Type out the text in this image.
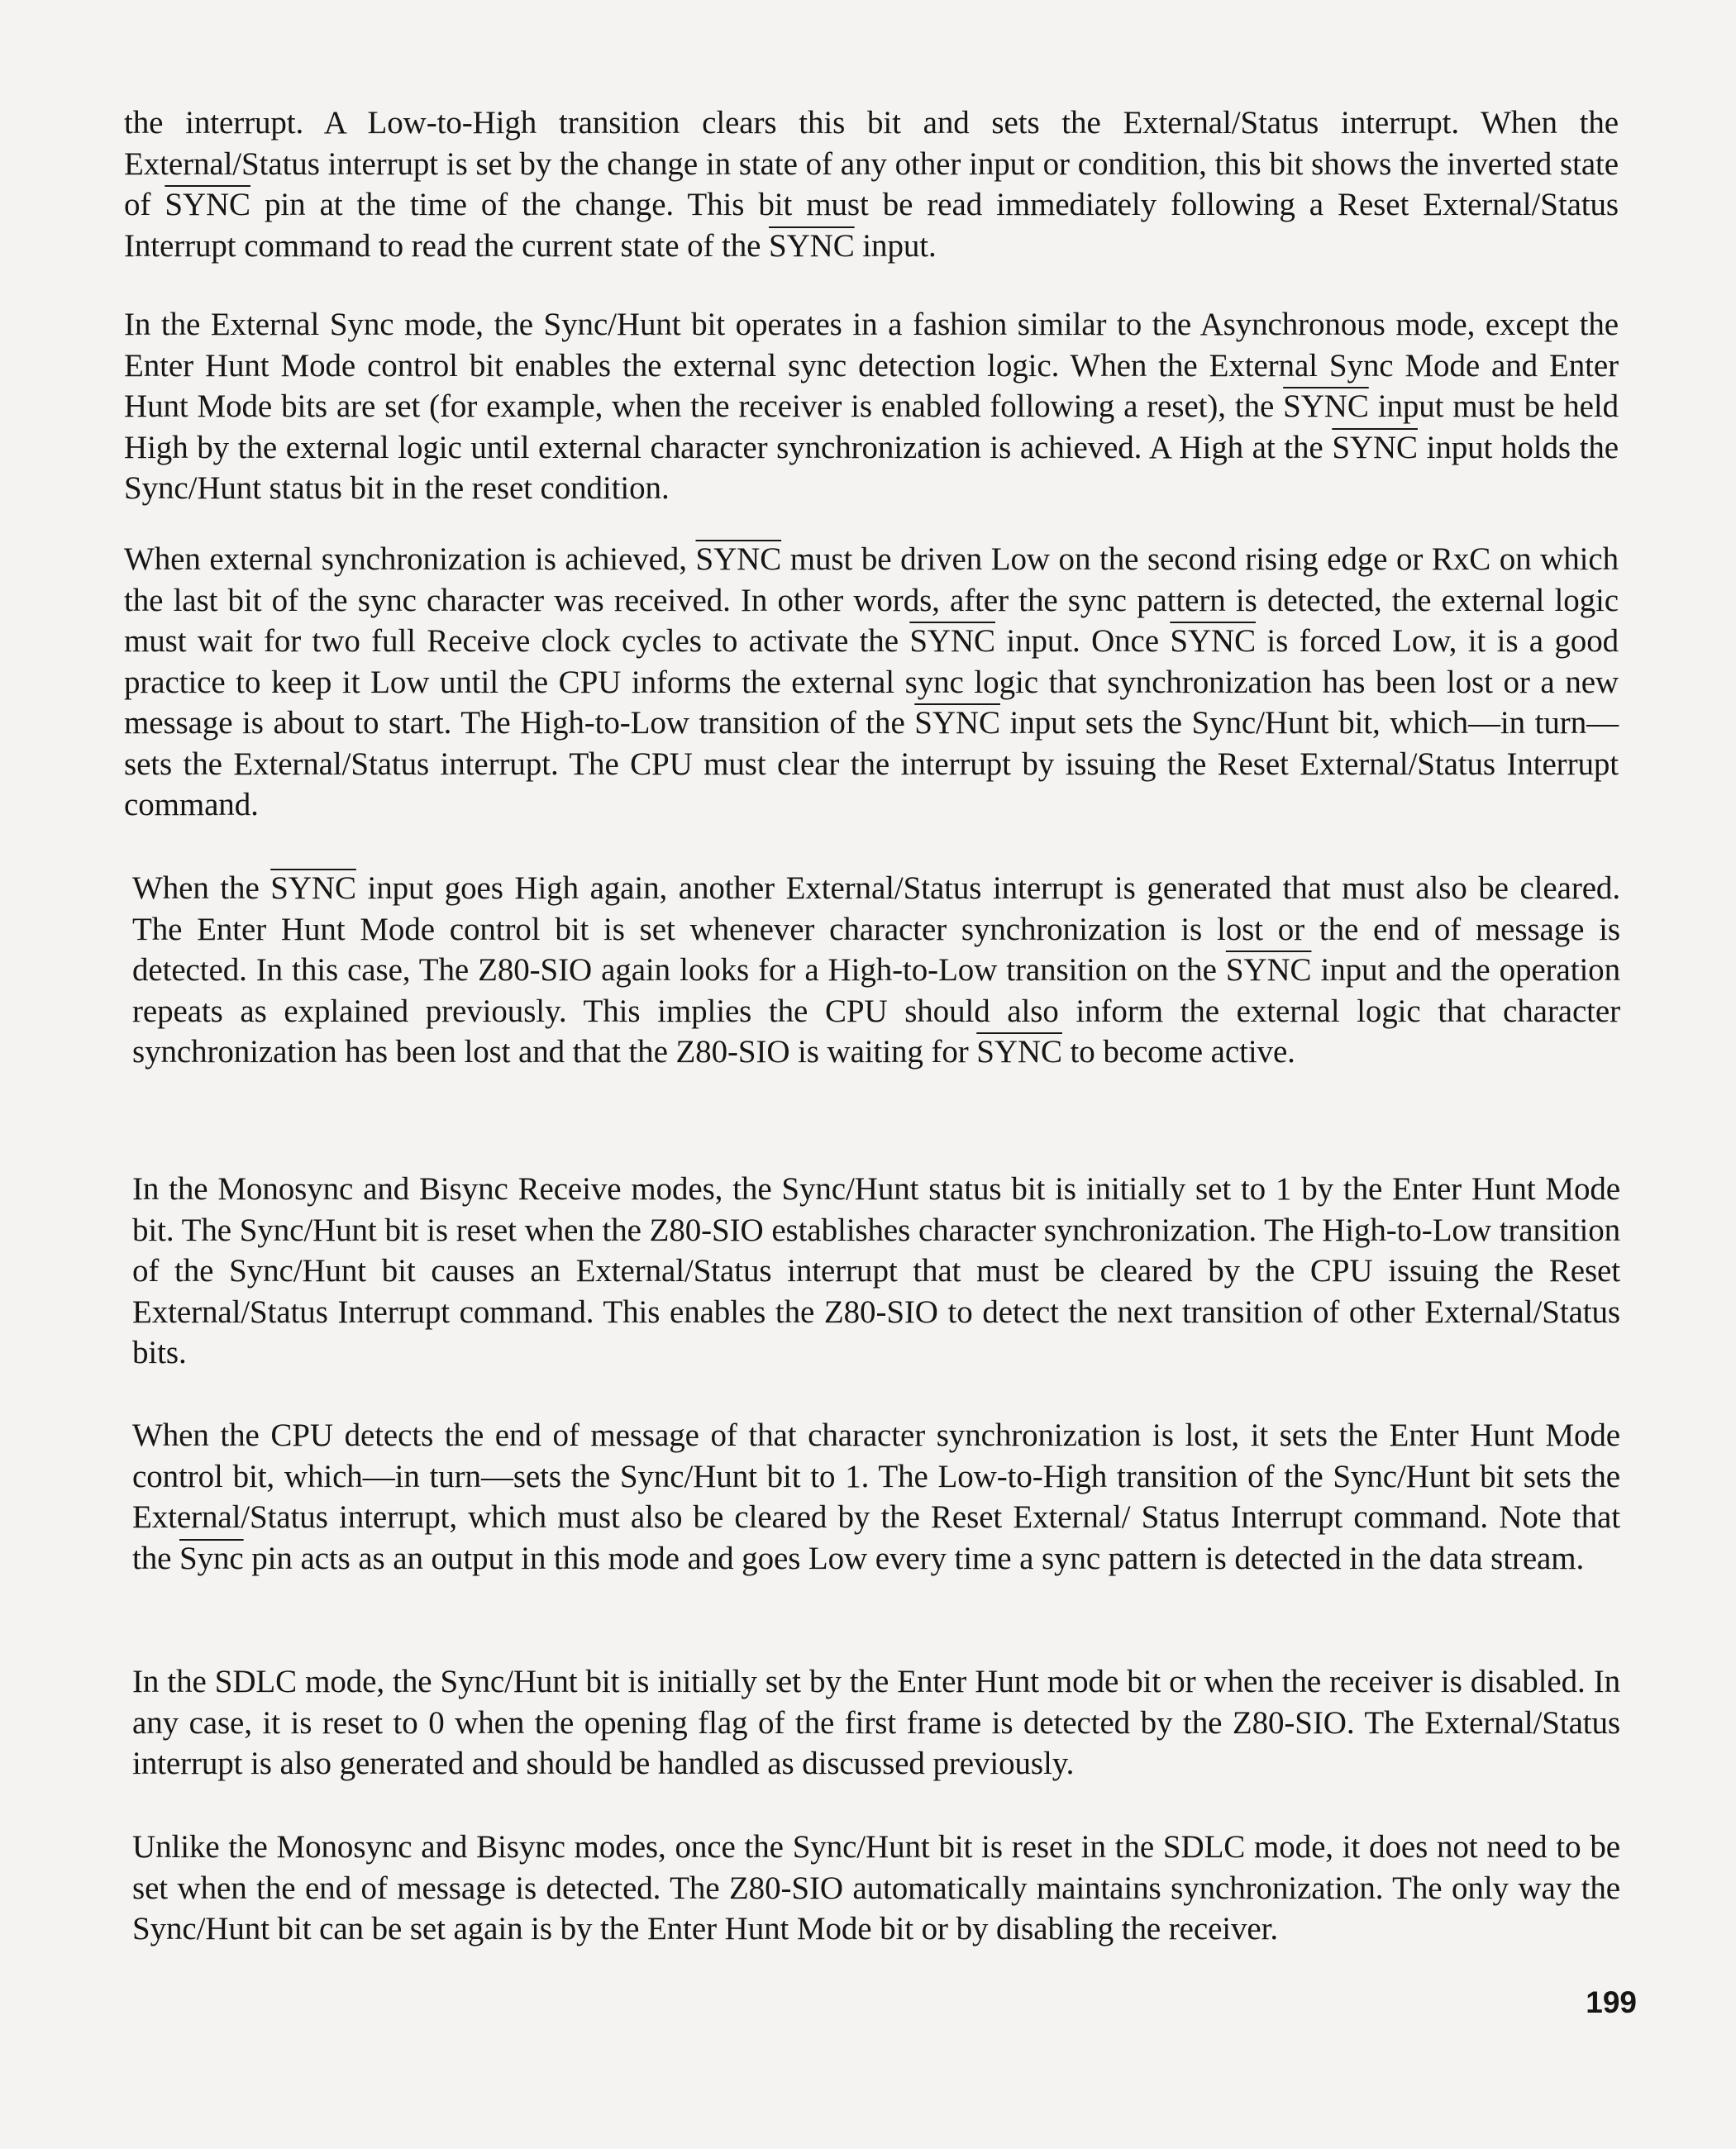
the interrupt. A Low-to-High transition clears this bit and sets the External/Status interrupt. When the External/Status interrupt is set by the change in state of any other input or condition, this bit shows the inverted state of SYNC pin at the time of the change. This bit must be read immediately following a Reset External/Status Interrupt command to read the current state of the SYNC input.

In the External Sync mode, the Sync/Hunt bit operates in a fashion similar to the Asynchronous mode, except the Enter Hunt Mode control bit enables the external sync detection logic. When the External Sync Mode and Enter Hunt Mode bits are set (for example, when the receiver is enabled following a reset), the SYNC input must be held High by the external logic until external character synchronization is achieved. A High at the SYNC input holds the Sync/Hunt status bit in the reset condition.

When external synchronization is achieved, SYNC must be driven Low on the second rising edge or RxC on which the last bit of the sync character was received. In other words, after the sync pattern is detected, the external logic must wait for two full Receive clock cycles to activate the SYNC input. Once SYNC is forced Low, it is a good practice to keep it Low until the CPU informs the external sync logic that synchronization has been lost or a new message is about to start. The High-to-Low transition of the SYNC input sets the Sync/Hunt bit, which—in turn—sets the External/Status interrupt. The CPU must clear the interrupt by issuing the Reset External/Status Interrupt command.

When the SYNC input goes High again, another External/Status interrupt is generated that must also be cleared. The Enter Hunt Mode control bit is set whenever character synchronization is lost or the end of message is detected. In this case, The Z80-SIO again looks for a High-to-Low transition on the SYNC input and the operation repeats as explained previously. This implies the CPU should also inform the external logic that character synchronization has been lost and that the Z80-SIO is waiting for SYNC to become active.

In the Monosync and Bisync Receive modes, the Sync/Hunt status bit is initially set to 1 by the Enter Hunt Mode bit. The Sync/Hunt bit is reset when the Z80-SIO establishes character synchronization. The High-to-Low transition of the Sync/Hunt bit causes an External/Status interrupt that must be cleared by the CPU issuing the Reset External/Status Interrupt command. This enables the Z80-SIO to detect the next transition of other External/Status bits.

When the CPU detects the end of message of that character synchronization is lost, it sets the Enter Hunt Mode control bit, which—in turn—sets the Sync/Hunt bit to 1. The Low-to-High transition of the Sync/Hunt bit sets the External/Status interrupt, which must also be cleared by the Reset External/ Status Interrupt command. Note that the Sync pin acts as an output in this mode and goes Low every time a sync pattern is detected in the data stream.

In the SDLC mode, the Sync/Hunt bit is initially set by the Enter Hunt mode bit or when the receiver is disabled. In any case, it is reset to 0 when the opening flag of the first frame is detected by the Z80-SIO. The External/Status interrupt is also generated and should be handled as discussed previously.

Unlike the Monosync and Bisync modes, once the Sync/Hunt bit is reset in the SDLC mode, it does not need to be set when the end of message is detected. The Z80-SIO automatically maintains synchronization. The only way the Sync/Hunt bit can be set again is by the Enter Hunt Mode bit or by disabling the receiver.

199
